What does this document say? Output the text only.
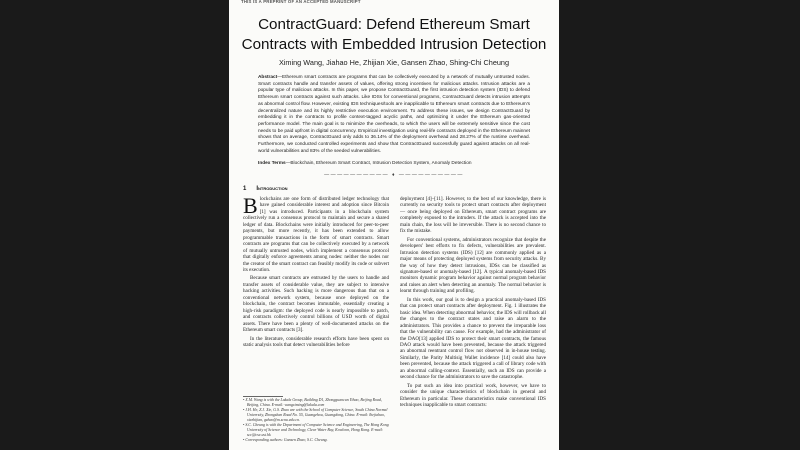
THIS IS A PREPRINT OF AN ACCEPTED MANUSCRIPT
ContractGuard: Defend Ethereum Smart
Contracts with Embedded Intrusion Detection
Ximing Wang, Jiahao He, Zhijian Xie, Gansen Zhao, Shing-Chi Cheung
Abstract—Ethereum smart contracts are programs that can be collectively executed by a network of mutually untrusted nodes. Smart contracts handle and transfer assets of values, offering strong incentives for malicious attacks. Intrusion attacks are a popular type of malicious attacks. In this paper, we propose ContractGuard, the first intrusion detection system (IDS) to defend Ethereum smart contracts against such attacks. Like IDSs for conventional programs, ContractGuard detects intrusion attempts as abnormal control flow. However, existing IDS techniques/tools are inapplicable to Ethereum smart contracts due to Ethereum's decentralized nature and its highly restrictive execution environment. To address these issues, we design ContractGuard by embedding it in the contracts to profile context-tagged acyclic paths, and optimizing it under the Ethereum gas-oriented performance model. The main goal is to minimize the overheads, to which the users will be extremely sensitive since the cost needs to be paid upfront in digital concurrency. Empirical investigation using real-life contracts deployed in the Ethereum mainnet shows that on average, ContractGuard only adds to 36.14% of the deployment overhead and 28.27% of the runtime overhead. Furthermore, we conducted controlled experiments and show that ContractGuard successfully guard against attacks on all real-world vulnerabilities and 83% of the seeded vulnerabilities.
Index Terms—Blockchain, Ethereum Smart Contract, Intrusion Detection System, Anomaly Detection
—————————— ♦ ——————————
1 Introduction

Blockchains are one form of distributed ledger technology that have gained considerable interest and adoption since Bitcoin [1] was introduced. Participants in a blockchain system collectively run a consensus protocol to maintain and secure a shared ledger of data. Blockchains were initially introduced for peer-to-peer payments, but more recently, it has been extended to allow programmable transactions in the form of smart contracts. Smart contracts are programs that can be collectively executed by a network of mutually untrusted nodes, which implement a consensus protocol that digitally enforce agreements among nodes: neither the nodes nor the creator of the smart contract can feasibly modify its code or subvert its execution.

Because smart contracts are entrusted by the users to handle and transfer assets of considerable value, they are subject to intensive hacking activities. Such hacking is more dangerous than that on a conventional network system, because once deployed on the blockchain, the contract becomes immutable, essentially creating a high-risk paradigm: the deployed code is nearly impossible to patch, and contracts collectively control billions of USD worth of digital assets. There have been a plenty of well-documented attacks on the Ethereum smart contracts [3].

In the literature, considerable research efforts have been spent on static analysis tools that detect vulnerabilities before

• X.M. Wang is with the Lakala Group, Building D1, Zhongguancun Yihao, Beijing Road, Beijing, China. E-mail: wangximing@lakala.com
• J.H. He, Z.J. Xie, G.S. Zhao are with the School of Computer Science, South China Normal University, Zhongshan Road No. 55, Guangzhou, Guangdong, China. E-mail: lhejiahao, xiezhijian, gzhao@m.scnu.edu.cn.
• S.C. Cheung is with the Department of Computer Science and Engineering, The Hong Kong University of Science and Technology, Clear Water Bay, Kowloon, Hong Kong. E-mail: scc@cse.ust.hk
• Corresponding authors: Gansen Zhao; S.C. Cheung.

deployment [4]–[11]. However, to the best of our knowledge, there is currently no security tools to protect smart contracts after deployment — once being deployed on Ethereum, smart contract programs are completely exposed to the intruders. If the attack is accepted into the main chain, the loss will be irreversible. There is no second chance to fix the mistake.

For conventional systems, administrators recognize that despite the developers' best efforts to fix defects, vulnerabilities are prevalent. Intrusion detection systems (IDS) [12] are commonly applied as a major means of protecting deployed systems from security attacks. By the way of how they detect intrusions, IDSs can be classified as signature-based or anomaly-based [12]. A typical anomaly-based IDS monitors dynamic program behavior against normal program behavior and raises an alert when detecting an anomaly. The normal behavior is learnt through training and profiling.

In this work, our goal is to design a practical anomaly-based IDS that can protect smart contracts after deployment. Fig. 1 illustrates the basic idea. When detecting abnormal behavior, the IDS will rollback all the changes to the contract states and raise an alarm to the administrators. This provides a chance to prevent the irreparable loss that the vulnerability can cause. For example, had the administrator of the DAO[13] applied IDS to protect their smart contracts, the famous DAO attack would have been prevented, because the attack triggered an abnormal reentrant control flow not observed in in-house testing. Similarly, the Parity Multisig Wallet incidence [14] could also have been prevented, because the attack triggered a call of library code with an abnormal calling-context. Essentially, such an IDS can provide a second chance for the administrators to save the catastrophe.

To put such an idea into practical work, however, we have to consider the unique characteristics of blockchain in general and Ethereum in particular. These characteristics make conventional IDS techniques inapplicable to smart contracts:
